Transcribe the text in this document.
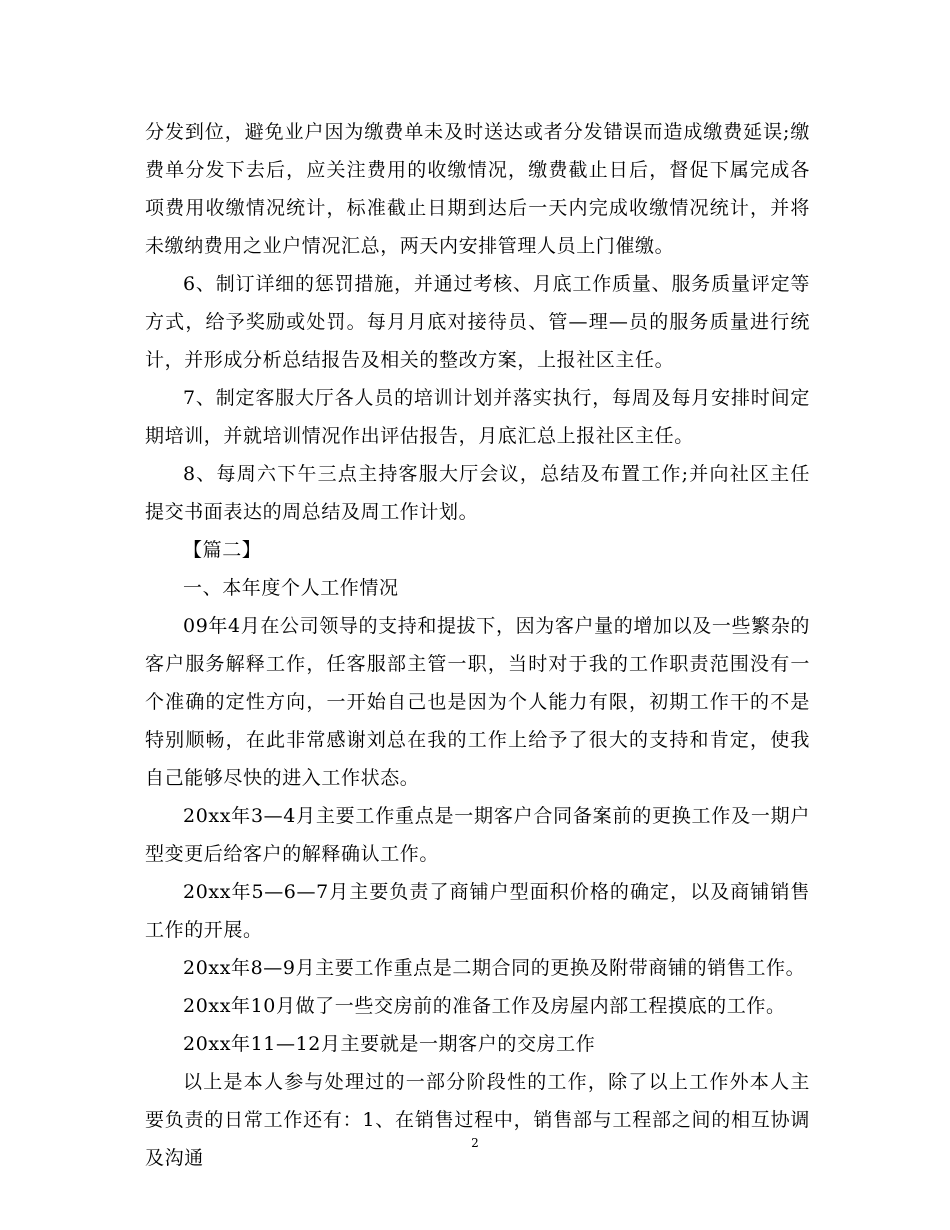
分发到位，避免业户因为缴费单未及时送达或者分发错误而造成缴费延误;缴费单分发下去后，应关注费用的收缴情况，缴费截止日后，督促下属完成各项费用收缴情况统计，标准截止日期到达后一天内完成收缴情况统计，并将未缴纳费用之业户情况汇总，两天内安排管理人员上门催缴。

6、制订详细的惩罚措施，并通过考核、月底工作质量、服务质量评定等方式，给予奖励或处罚。每月月底对接待员、管—理—员的服务质量进行统计，并形成分析总结报告及相关的整改方案，上报社区主任。

7、制定客服大厅各人员的培训计划并落实执行，每周及每月安排时间定期培训，并就培训情况作出评估报告，月底汇总上报社区主任。

8、每周六下午三点主持客服大厅会议，总结及布置工作;并向社区主任提交书面表达的周总结及周工作计划。

【篇二】

一、本年度个人工作情况

09年4月在公司领导的支持和提拔下，因为客户量的增加以及一些繁杂的客户服务解释工作，任客服部主管一职，当时对于我的工作职责范围没有一个准确的定性方向，一开始自己也是因为个人能力有限，初期工作干的不是特别顺畅，在此非常感谢刘总在我的工作上给予了很大的支持和肯定，使我自己能够尽快的进入工作状态。

20xx年3—4月主要工作重点是一期客户合同备案前的更换工作及一期户型变更后给客户的解释确认工作。

20xx年5—6—7月主要负责了商铺户型面积价格的确定，以及商铺销售工作的开展。

20xx年8—9月主要工作重点是二期合同的更换及附带商铺的销售工作。

20xx年10月做了一些交房前的准备工作及房屋内部工程摸底的工作。

20xx年11—12月主要就是一期客户的交房工作

以上是本人参与处理过的一部分阶段性的工作，除了以上工作外本人主要负责的日常工作还有：1、在销售过程中，销售部与工程部之间的相互协调及沟通

2
